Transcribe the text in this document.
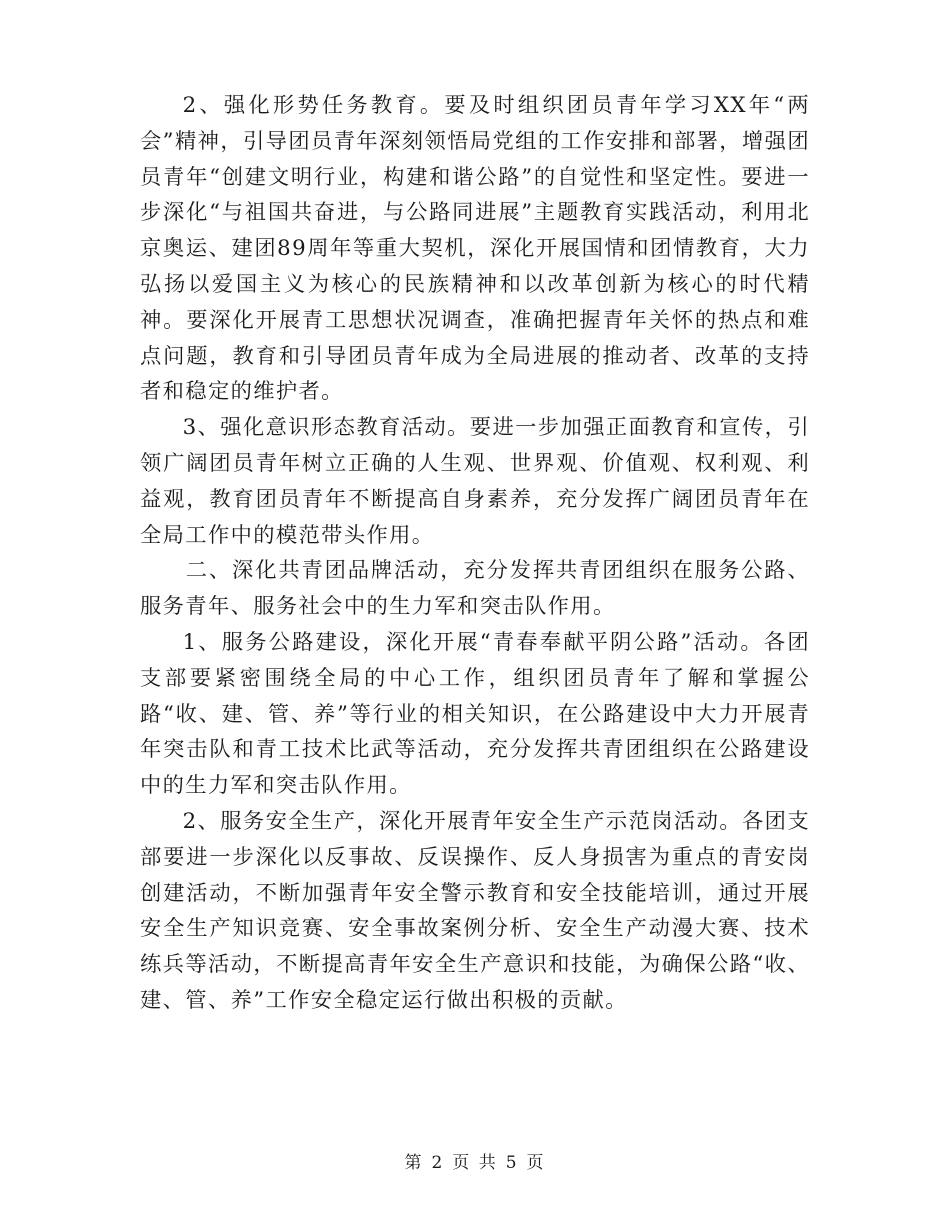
2、强化形势任务教育。要及时组织团员青年学习XX年“两会”精神，引导团员青年深刻领悟局党组的工作安排和部署，增强团员青年“创建文明行业，构建和谐公路”的自觉性和坚定性。要进一步深化“与祖国共奋进，与公路同进展”主题教育实践活动，利用北京奥运、建团89周年等重大契机，深化开展国情和团情教育，大力弘扬以爱国主义为核心的民族精神和以改革创新为核心的时代精神。要深化开展青工思想状况调查，准确把握青年关怀的热点和难点问题，教育和引导团员青年成为全局进展的推动者、改革的支持者和稳定的维护者。

3、强化意识形态教育活动。要进一步加强正面教育和宣传，引领广阔团员青年树立正确的人生观、世界观、价值观、权利观、利益观，教育团员青年不断提高自身素养，充分发挥广阔团员青年在全局工作中的模范带头作用。

二、深化共青团品牌活动，充分发挥共青团组织在服务公路、服务青年、服务社会中的生力军和突击队作用。

1、服务公路建设，深化开展“青春奉献平阴公路”活动。各团支部要紧密围绕全局的中心工作，组织团员青年了解和掌握公路“收、建、管、养”等行业的相关知识，在公路建设中大力开展青年突击队和青工技术比武等活动，充分发挥共青团组织在公路建设中的生力军和突击队作用。

2、服务安全生产，深化开展青年安全生产示范岗活动。各团支部要进一步深化以反事故、反误操作、反人身损害为重点的青安岗创建活动，不断加强青年安全警示教育和安全技能培训，通过开展安全生产知识竞赛、安全事故案例分析、安全生产动漫大赛、技术练兵等活动，不断提高青年安全生产意识和技能，为确保公路“收、建、管、养”工作安全稳定运行做出积极的贡献。

第 2 页 共 5 页
